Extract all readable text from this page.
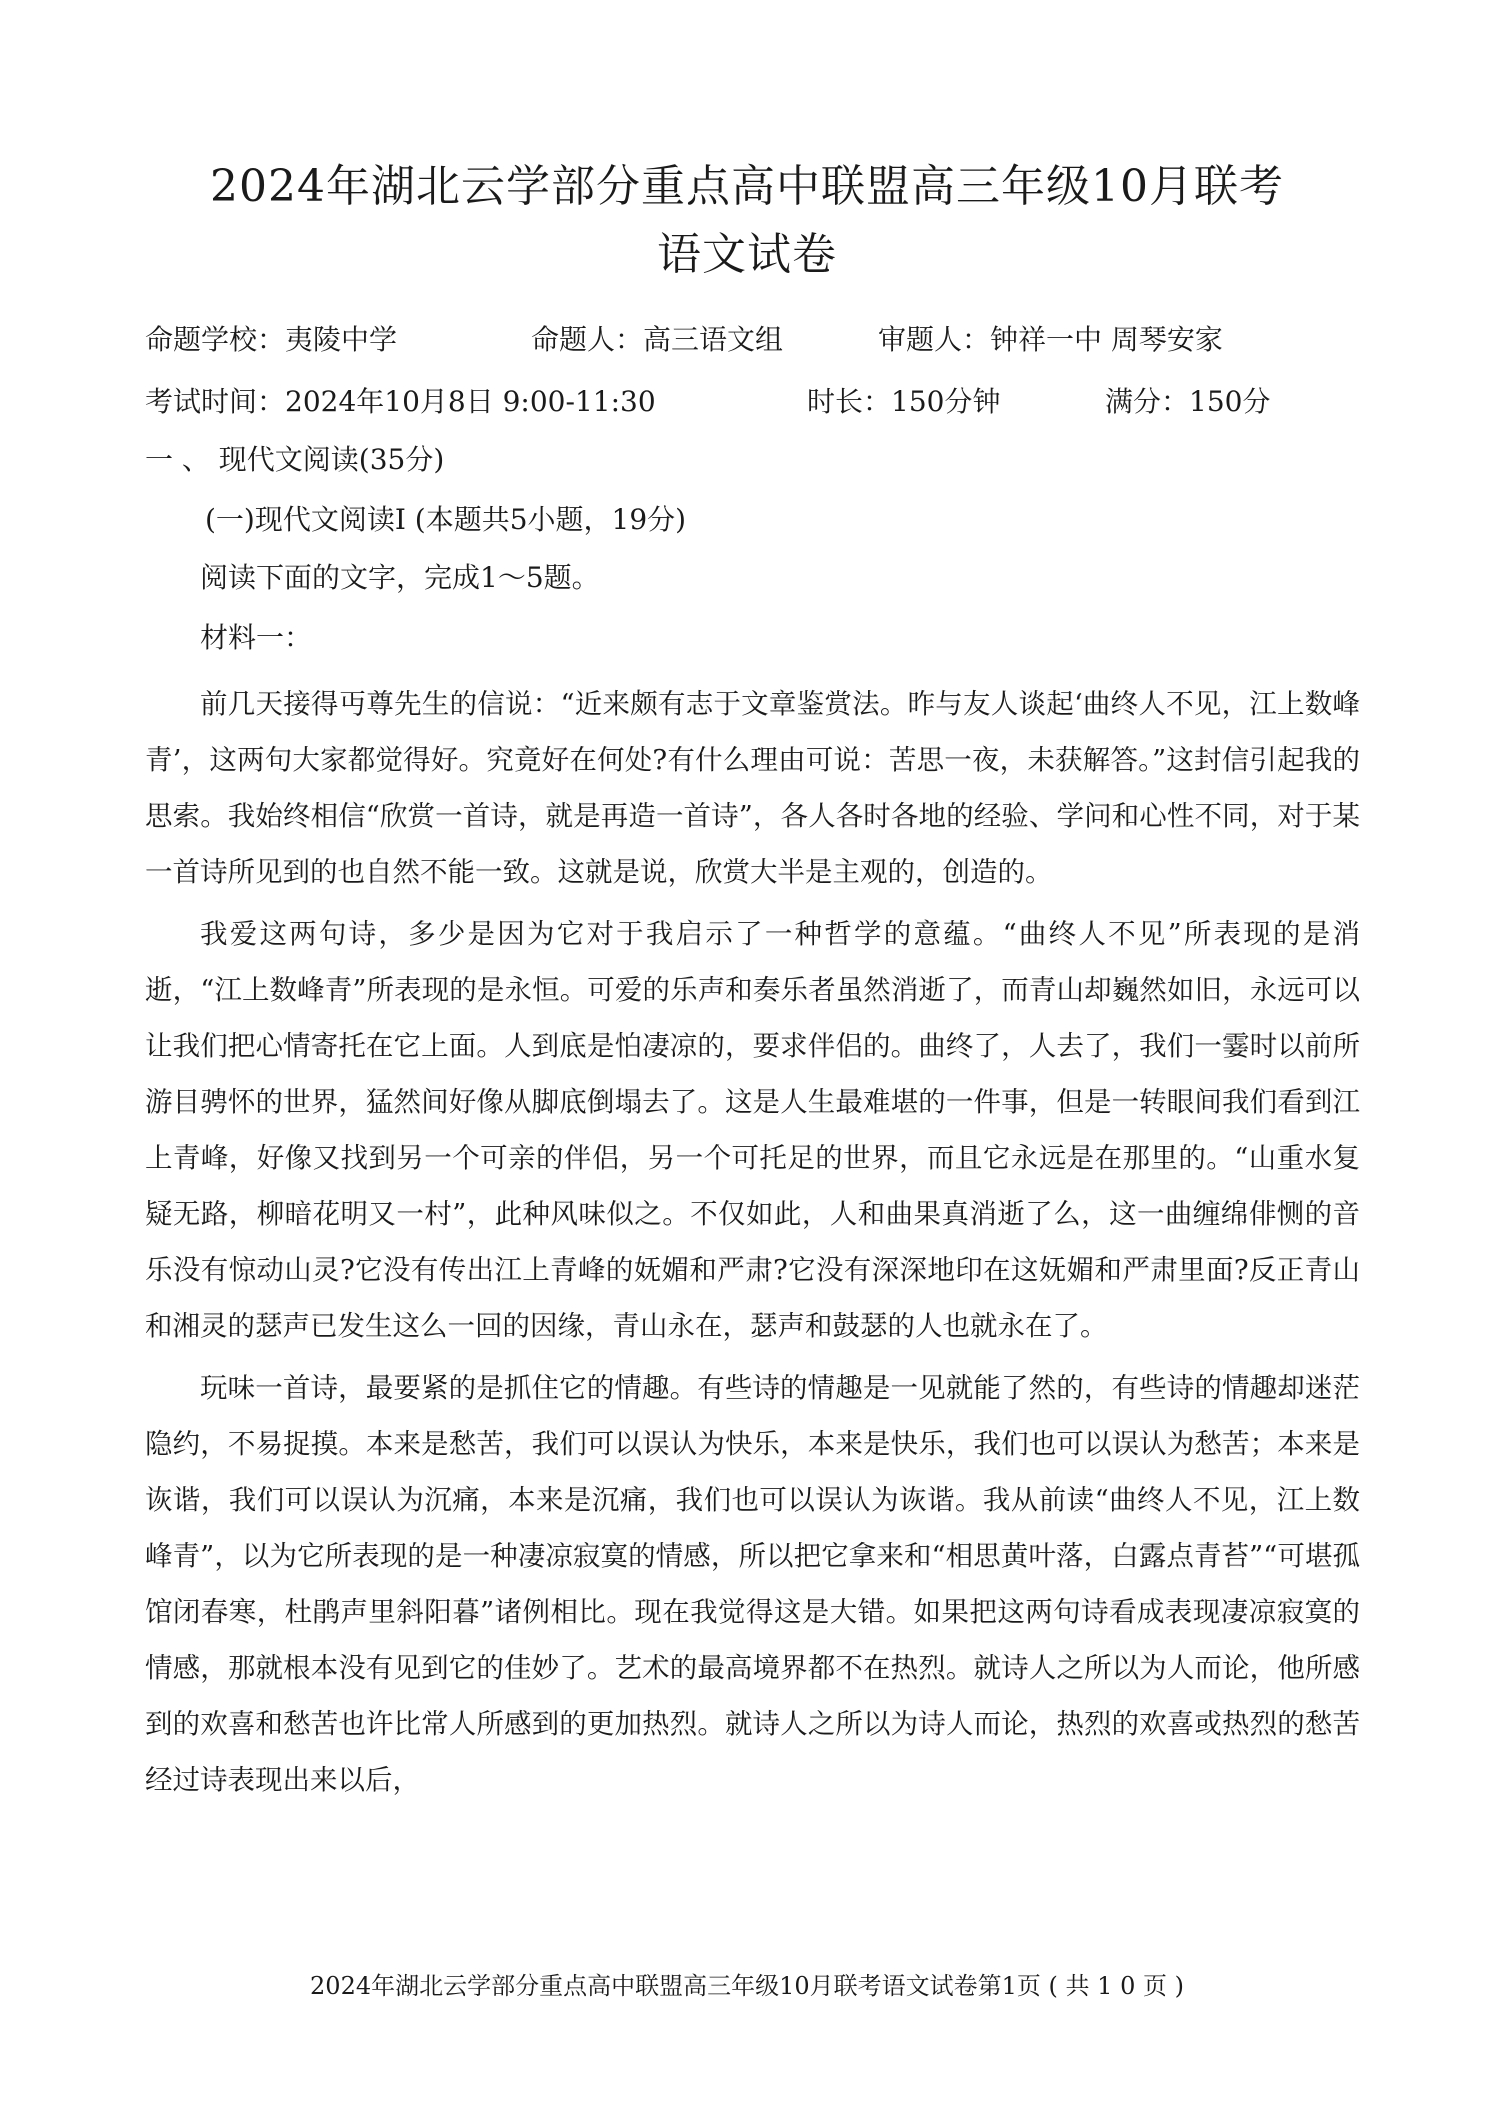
2024年湖北云学部分重点高中联盟高三年级10月联考
语文试卷
命题学校：夷陵中学	命题人：高三语文组	审题人：钟祥一中 周琴安家
考试时间：2024年10月8日 9:00-11:30	时长：150分钟	满分：150分
一 、 现代文阅读(35分)
(一)现代文阅读I (本题共5小题，19分)
阅读下面的文字，完成1～5题。
材料一：

前几天接得丏尊先生的信说：“近来颇有志于文章鉴赏法。昨与友人谈起‘曲终人不见，江上数峰青’，这两句大家都觉得好。究竟好在何处?有什么理由可说：苦思一夜，未获解答。”这封信引起我的思索。我始终相信“欣赏一首诗，就是再造一首诗”，各人各时各地的经验、学问和心性不同，对于某一首诗所见到的也自然不能一致。这就是说，欣赏大半是主观的，创造的。

我爱这两句诗，多少是因为它对于我启示了一种哲学的意蕴。“曲终人不见”所表现的是消逝，“江上数峰青”所表现的是永恒。可爱的乐声和奏乐者虽然消逝了，而青山却巍然如旧，永远可以让我们把心情寄托在它上面。人到底是怕凄凉的，要求伴侣的。曲终了，人去了，我们一霎时以前所游目骋怀的世界，猛然间好像从脚底倒塌去了。这是人生最难堪的一件事，但是一转眼间我们看到江上青峰，好像又找到另一个可亲的伴侣，另一个可托足的世界，而且它永远是在那里的。“山重水复疑无路，柳暗花明又一村”，此种风味似之。不仅如此，人和曲果真消逝了么，这一曲缠绵俳恻的音乐没有惊动山灵?它没有传出江上青峰的妩媚和严肃?它没有深深地印在这妩媚和严肃里面?反正青山和湘灵的瑟声已发生这么一回的因缘，青山永在，瑟声和鼓瑟的人也就永在了。

玩味一首诗，最要紧的是抓住它的情趣。有些诗的情趣是一见就能了然的，有些诗的情趣却迷茫隐约，不易捉摸。本来是愁苦，我们可以误认为快乐，本来是快乐，我们也可以误认为愁苦；本来是诙谐，我们可以误认为沉痛，本来是沉痛，我们也可以误认为诙谐。我从前读“曲终人不见，江上数峰青”，以为它所表现的是一种凄凉寂寞的情感，所以把它拿来和“相思黄叶落，白露点青苔”“可堪孤馆闭春寒，杜鹃声里斜阳暮”诸例相比。现在我觉得这是大错。如果把这两句诗看成表现凄凉寂寞的情感，那就根本没有见到它的佳妙了。艺术的最高境界都不在热烈。就诗人之所以为人而论，他所感到的欢喜和愁苦也许比常人所感到的更加热烈。就诗人之所以为诗人而论，热烈的欢喜或热烈的愁苦经过诗表现出来以后，

2024年湖北云学部分重点高中联盟高三年级10月联考语文试卷第1页 ( 共 1 0 页 )
